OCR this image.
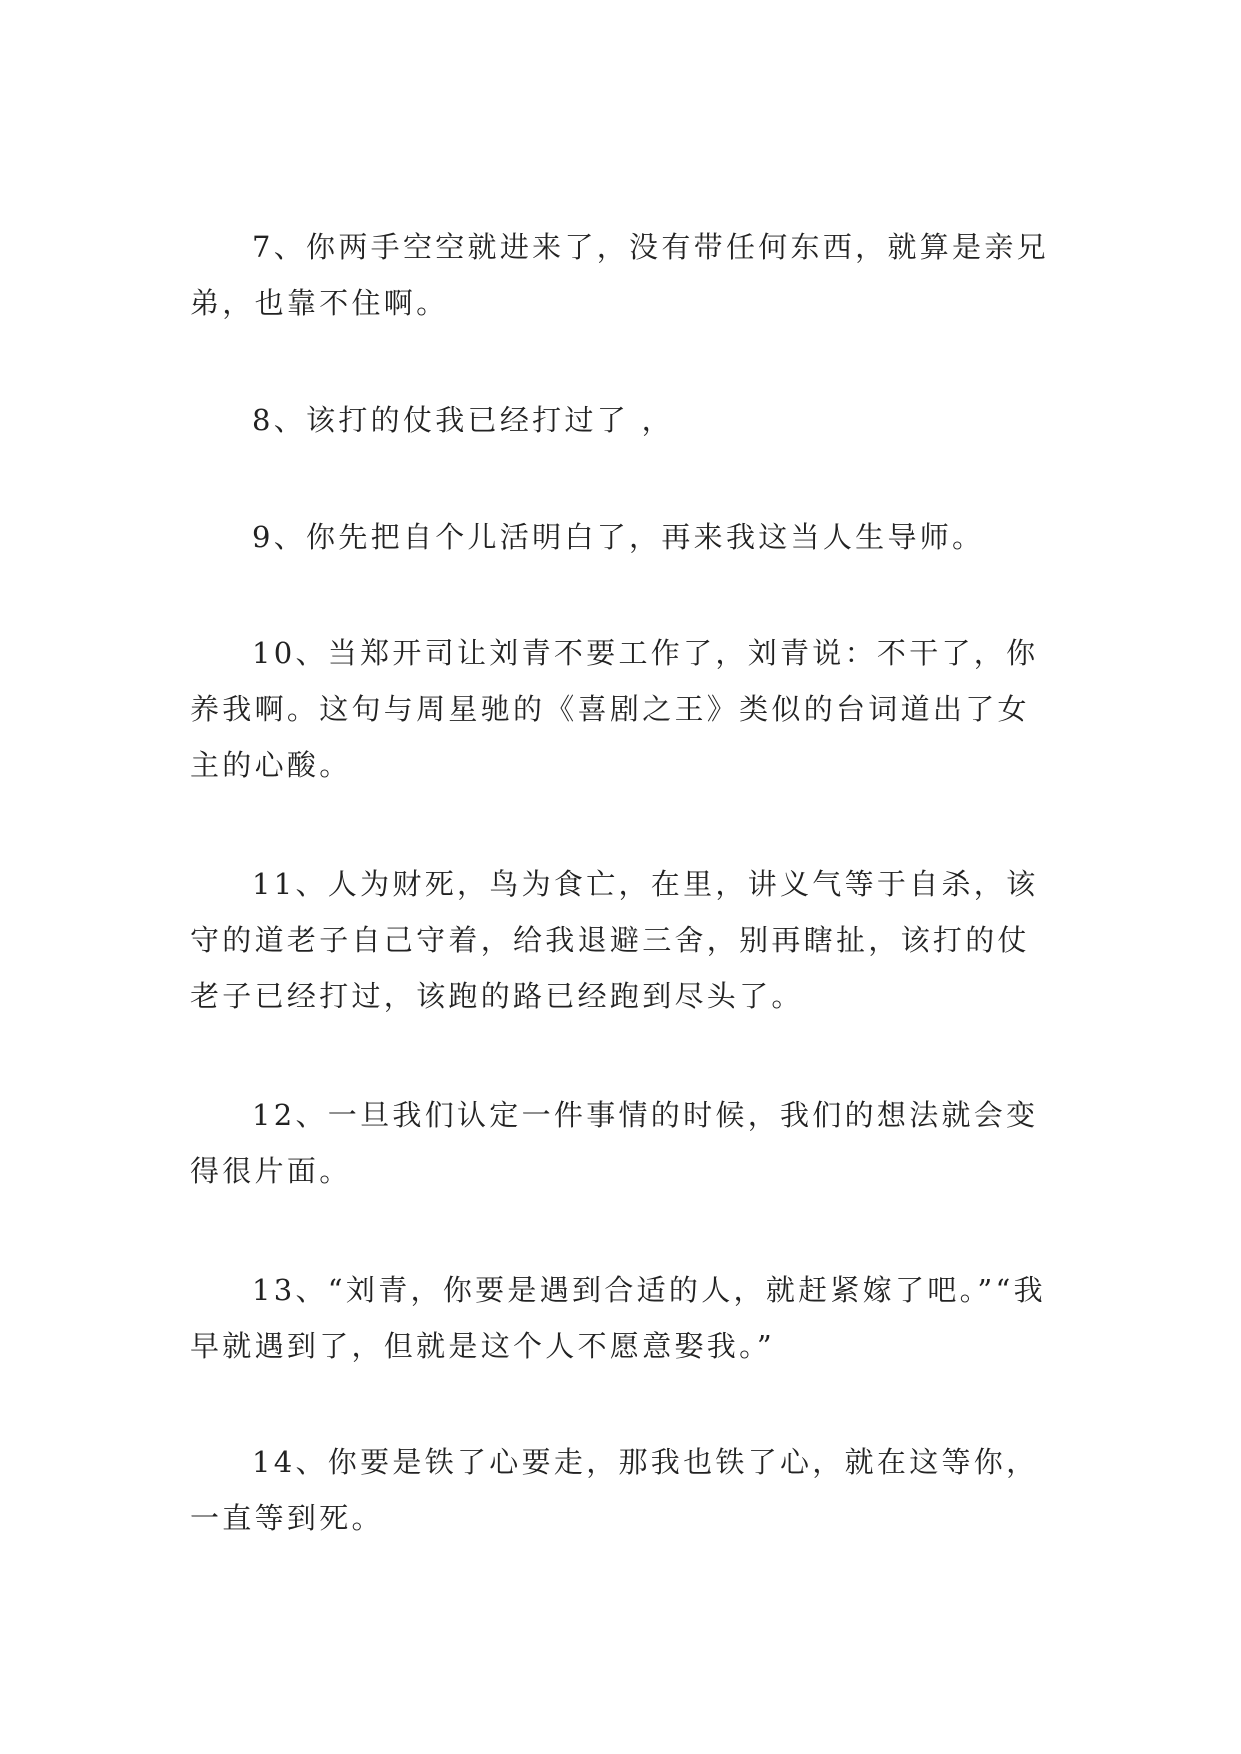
7、你两手空空就进来了，没有带任何东西，就算是亲兄弟，也靠不住啊。

8、该打的仗我已经打过了 ，

9、你先把自个儿活明白了，再来我这当人生导师。

10、当郑开司让刘青不要工作了，刘青说：不干了，你养我啊。这句与周星驰的《喜剧之王》类似的台词道出了女主的心酸。

11、人为财死，鸟为食亡，在里，讲义气等于自杀，该守的道老子自己守着，给我退避三舍，别再瞎扯，该打的仗老子已经打过，该跑的路已经跑到尽头了。

12、一旦我们认定一件事情的时候，我们的想法就会变得很片面。

13、“刘青，你要是遇到合适的人，就赶紧嫁了吧。”“我早就遇到了，但就是这个人不愿意娶我。”

14、你要是铁了心要走，那我也铁了心，就在这等你，一直等到死。
